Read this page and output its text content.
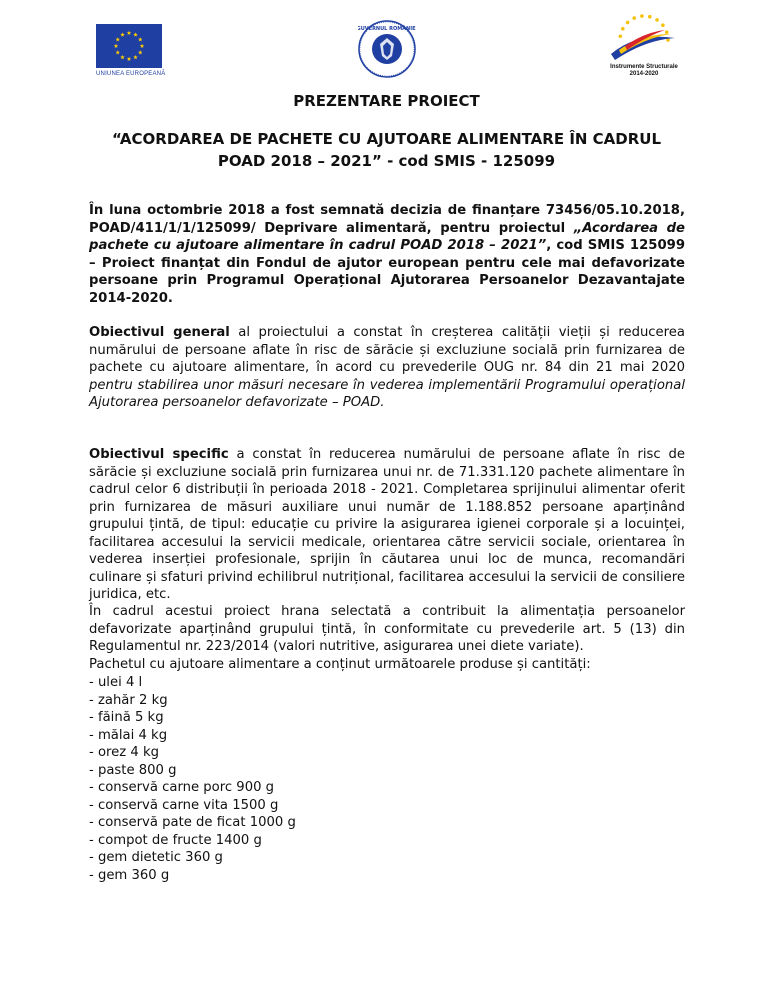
UNIUNEA EUROPEANĂ
GUVERNUL ROMÂNIEI
Instrumente Structurale
2014-2020
PREZENTARE PROIECT
“ACORDAREA DE PACHETE CU AJUTOARE ALIMENTARE ÎN CADRUL POAD 2018 – 2021” - cod SMIS - 125099
În luna octombrie 2018 a fost semnată decizia de finanțare 73456/05.10.2018, POAD/411/1/1/125099/ Deprivare alimentară, pentru proiectul „Acordarea de pachete cu ajutoare alimentare în cadrul POAD 2018 – 2021”, cod SMIS 125099 – Proiect finanțat din Fondul de ajutor european pentru cele mai defavorizate persoane prin Programul Operațional Ajutorarea Persoanelor Dezavantajate 2014-2020.
Obiectivul general al proiectului a constat în creșterea calității vieții și reducerea numărului de persoane aflate în risc de sărăcie și excluziune socială prin furnizarea de pachete cu ajutoare alimentare, în acord cu prevederile OUG nr. 84 din 21 mai 2020 pentru stabilirea unor măsuri necesare în vederea implementării Programului operațional Ajutorarea persoanelor defavorizate – POAD.
Obiectivul specific a constat în reducerea numărului de persoane aflate în risc de sărăcie și excluziune socială prin furnizarea unui nr. de 71.331.120 pachete alimentare în cadrul celor 6 distribuții în perioada 2018 - 2021. Completarea sprijinului alimentar oferit prin furnizarea de măsuri auxiliare unui număr de 1.188.852 persoane aparținând grupului țintă, de tipul: educație cu privire la asigurarea igienei corporale și a locuinței, facilitarea accesului la servicii medicale, orientarea către servicii sociale, orientarea în vederea inserției profesionale, sprijin în căutarea unui loc de munca, recomandări culinare și sfaturi privind echilibrul nutrițional, facilitarea accesului la servicii de consiliere juridica, etc.
În cadrul acestui proiect hrana selectată a contribuit la alimentația persoanelor defavorizate aparținând grupului țintă, în conformitate cu prevederile art. 5 (13) din Regulamentul nr. 223/2014 (valori nutritive, asigurarea unei diete variate).
Pachetul cu ajutoare alimentare a conținut următoarele produse și cantități:
- ulei 4 l
- zahăr 2 kg
- făină 5 kg
- mălai 4 kg
- orez 4 kg
- paste 800 g
- conservă carne porc 900 g
- conservă carne vita 1500 g
- conservă pate de ficat 1000 g
- compot de fructe 1400 g
- gem dietetic 360 g
- gem 360 g
